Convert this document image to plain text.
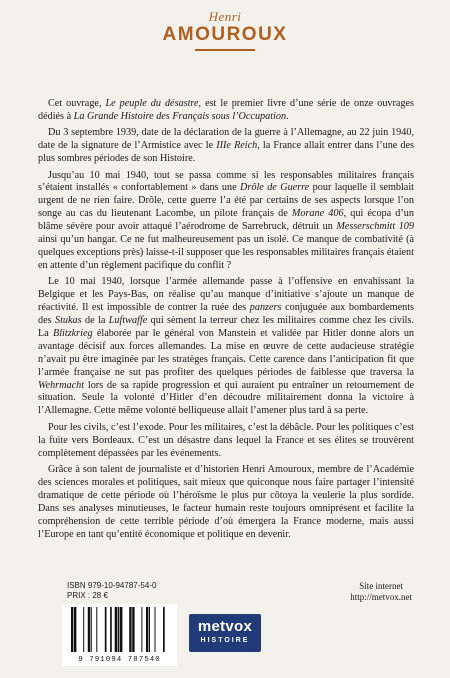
Henri
AMOUROUX

Cet ouvrage, Le peuple du désastre, est le premier livre d’une série de onze ouvrages dédiés à La Grande Histoire des Français sous l’Occupation.

Du 3 septembre 1939, date de la déclaration de la guerre à l’Allemagne, au 22 juin 1940, date de la signature de l’Armistice avec le IIIe Reich, la France allait entrer dans l’une des plus sombres périodes de son Histoire.

Jusqu’au 10 mai 1940, tout se passa comme si les responsables militaires français s’étaient installés « confortablement » dans une Drôle de Guerre pour laquelle il semblait urgent de ne rien faire. Drôle, cette guerre l’a été par certains de ses aspects lorsque l’on songe au cas du lieutenant Lacombe, un pilote français de Morane 406, qui écopa d’un blâme sévère pour avoir attaqué l’aérodrome de Sarrebruck, détruit un Messerschmitt 109 ainsi qu’un hangar. Ce ne fut malheureusement pas un isolé. Ce manque de combativité (à quelques exceptions près) laisse-t-il supposer que les responsables militaires français étaient en attente d’un règlement pacifique du conflit ?

Le 10 mai 1940, lorsque l’armée allemande passe à l’offensive en envahissant la Belgique et les Pays-Bas, on réalise qu’au manque d’initiative s’ajoute un manque de réactivité. Il est impossible de contrer la ruée des panzers conjuguée aux bombardements des Stukas de la Luftwaffe qui sèment la terreur chez les militaires comme chez les civils. La Blitzkrieg élaborée par le général von Manstein et validée par Hitler donne alors un avantage décisif aux forces allemandes. La mise en œuvre de cette audacieuse stratégie n’avait pu être imaginée par les stratèges français. Cette carence dans l’anticipation fit que l’armée française ne sut pas profiter des quelques périodes de faiblesse que traversa la Wehrmacht lors de sa rapide progression et qui auraient pu entraîner un retournement de situation. Seule la volonté d’Hitler d’en découdre militairement donna la victoire à l’Allemagne. Cette même volonté belliqueuse allait l’amener plus tard à sa perte.

Pour les civils, c’est l’exode. Pour les militaires, c’est la débâcle. Pour les politiques c’est la fuite vers Bordeaux. C’est un désastre dans lequel la France et ses élites se trouvèrent complètement dépassées par les événements.

Grâce à son talent de journaliste et d’historien Henri Amouroux, membre de l’Académie des sciences morales et politiques, sait mieux que quiconque nous faire partager l’intensité dramatique de cette période où l’héroïsme le plus pur côtoya la veulerie la plus sordide. Dans ses analyses minutieuses, le facteur humain reste toujours omniprésent et facilite la compréhension de cette terrible période d’où émergera la France moderne, mais aussi l’Europe en tant qu’entité économique et politique en devenir.

ISBN 979-10-94787-54-0
PRIX : 28 €
9 791094 787540
metvox
HISTOIRE
Site internet
http://metvox.net
